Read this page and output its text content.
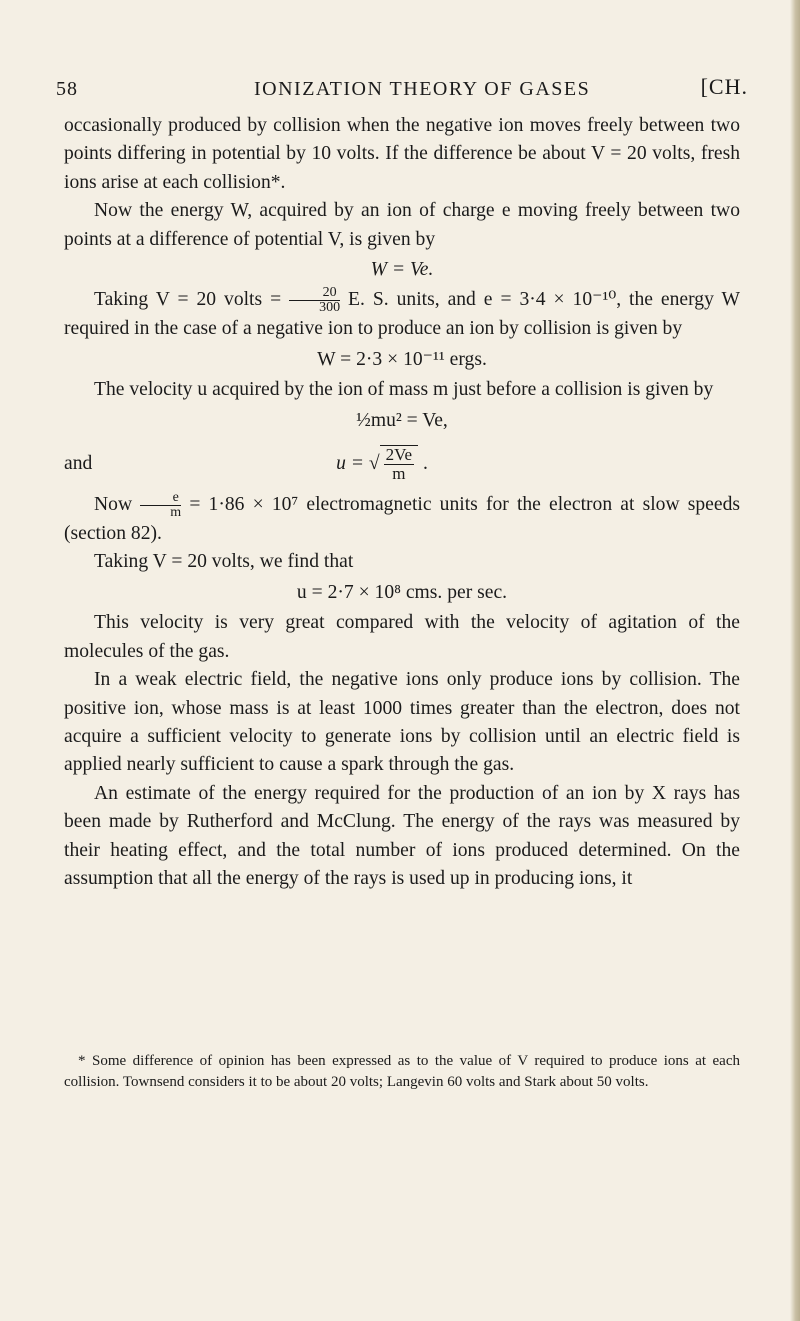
58	IONIZATION THEORY OF GASES	[CH.

occasionally produced by collision when the negative ion moves freely between two points differing in potential by 10 volts. If the difference be about V = 20 volts, fresh ions arise at each collision*.

Now the energy W, acquired by an ion of charge e moving freely between two points at a difference of potential V, is given by

W = Ve.

Taking V = 20 volts = $\frac{20}{300} E$. S. units, and e = 3·4 × 10⁻¹⁰, the energy W required in the case of a negative ion to produce an ion by collision is given by

W = 2·3 × 10⁻¹¹ ergs.

The velocity u acquired by the ion of mass m just before a collision is given by

½mu² = Ve,
and	u = √ $\frac{2Ve}{m}$ .

Now $\frac{e}{m} = 1\cdot 86 \times 10^7$ electromagnetic units for the electron at slow speeds (section 82).

Taking V = 20 volts, we find that

u = 2·7 × 10⁸ cms. per sec.

This velocity is very great compared with the velocity of agitation of the molecules of the gas.

In a weak electric field, the negative ions only produce ions by collision. The positive ion, whose mass is at least 1000 times greater than the electron, does not acquire a sufficient velocity to generate ions by collision until an electric field is applied nearly sufficient to cause a spark through the gas.

An estimate of the energy required for the production of an ion by X rays has been made by Rutherford and McClung. The energy of the rays was measured by their heating effect, and the total number of ions produced determined. On the assumption that all the energy of the rays is used up in producing ions, it

* Some difference of opinion has been expressed as to the value of V required to produce ions at each collision. Townsend considers it to be about 20 volts; Langevin 60 volts and Stark about 50 volts.
